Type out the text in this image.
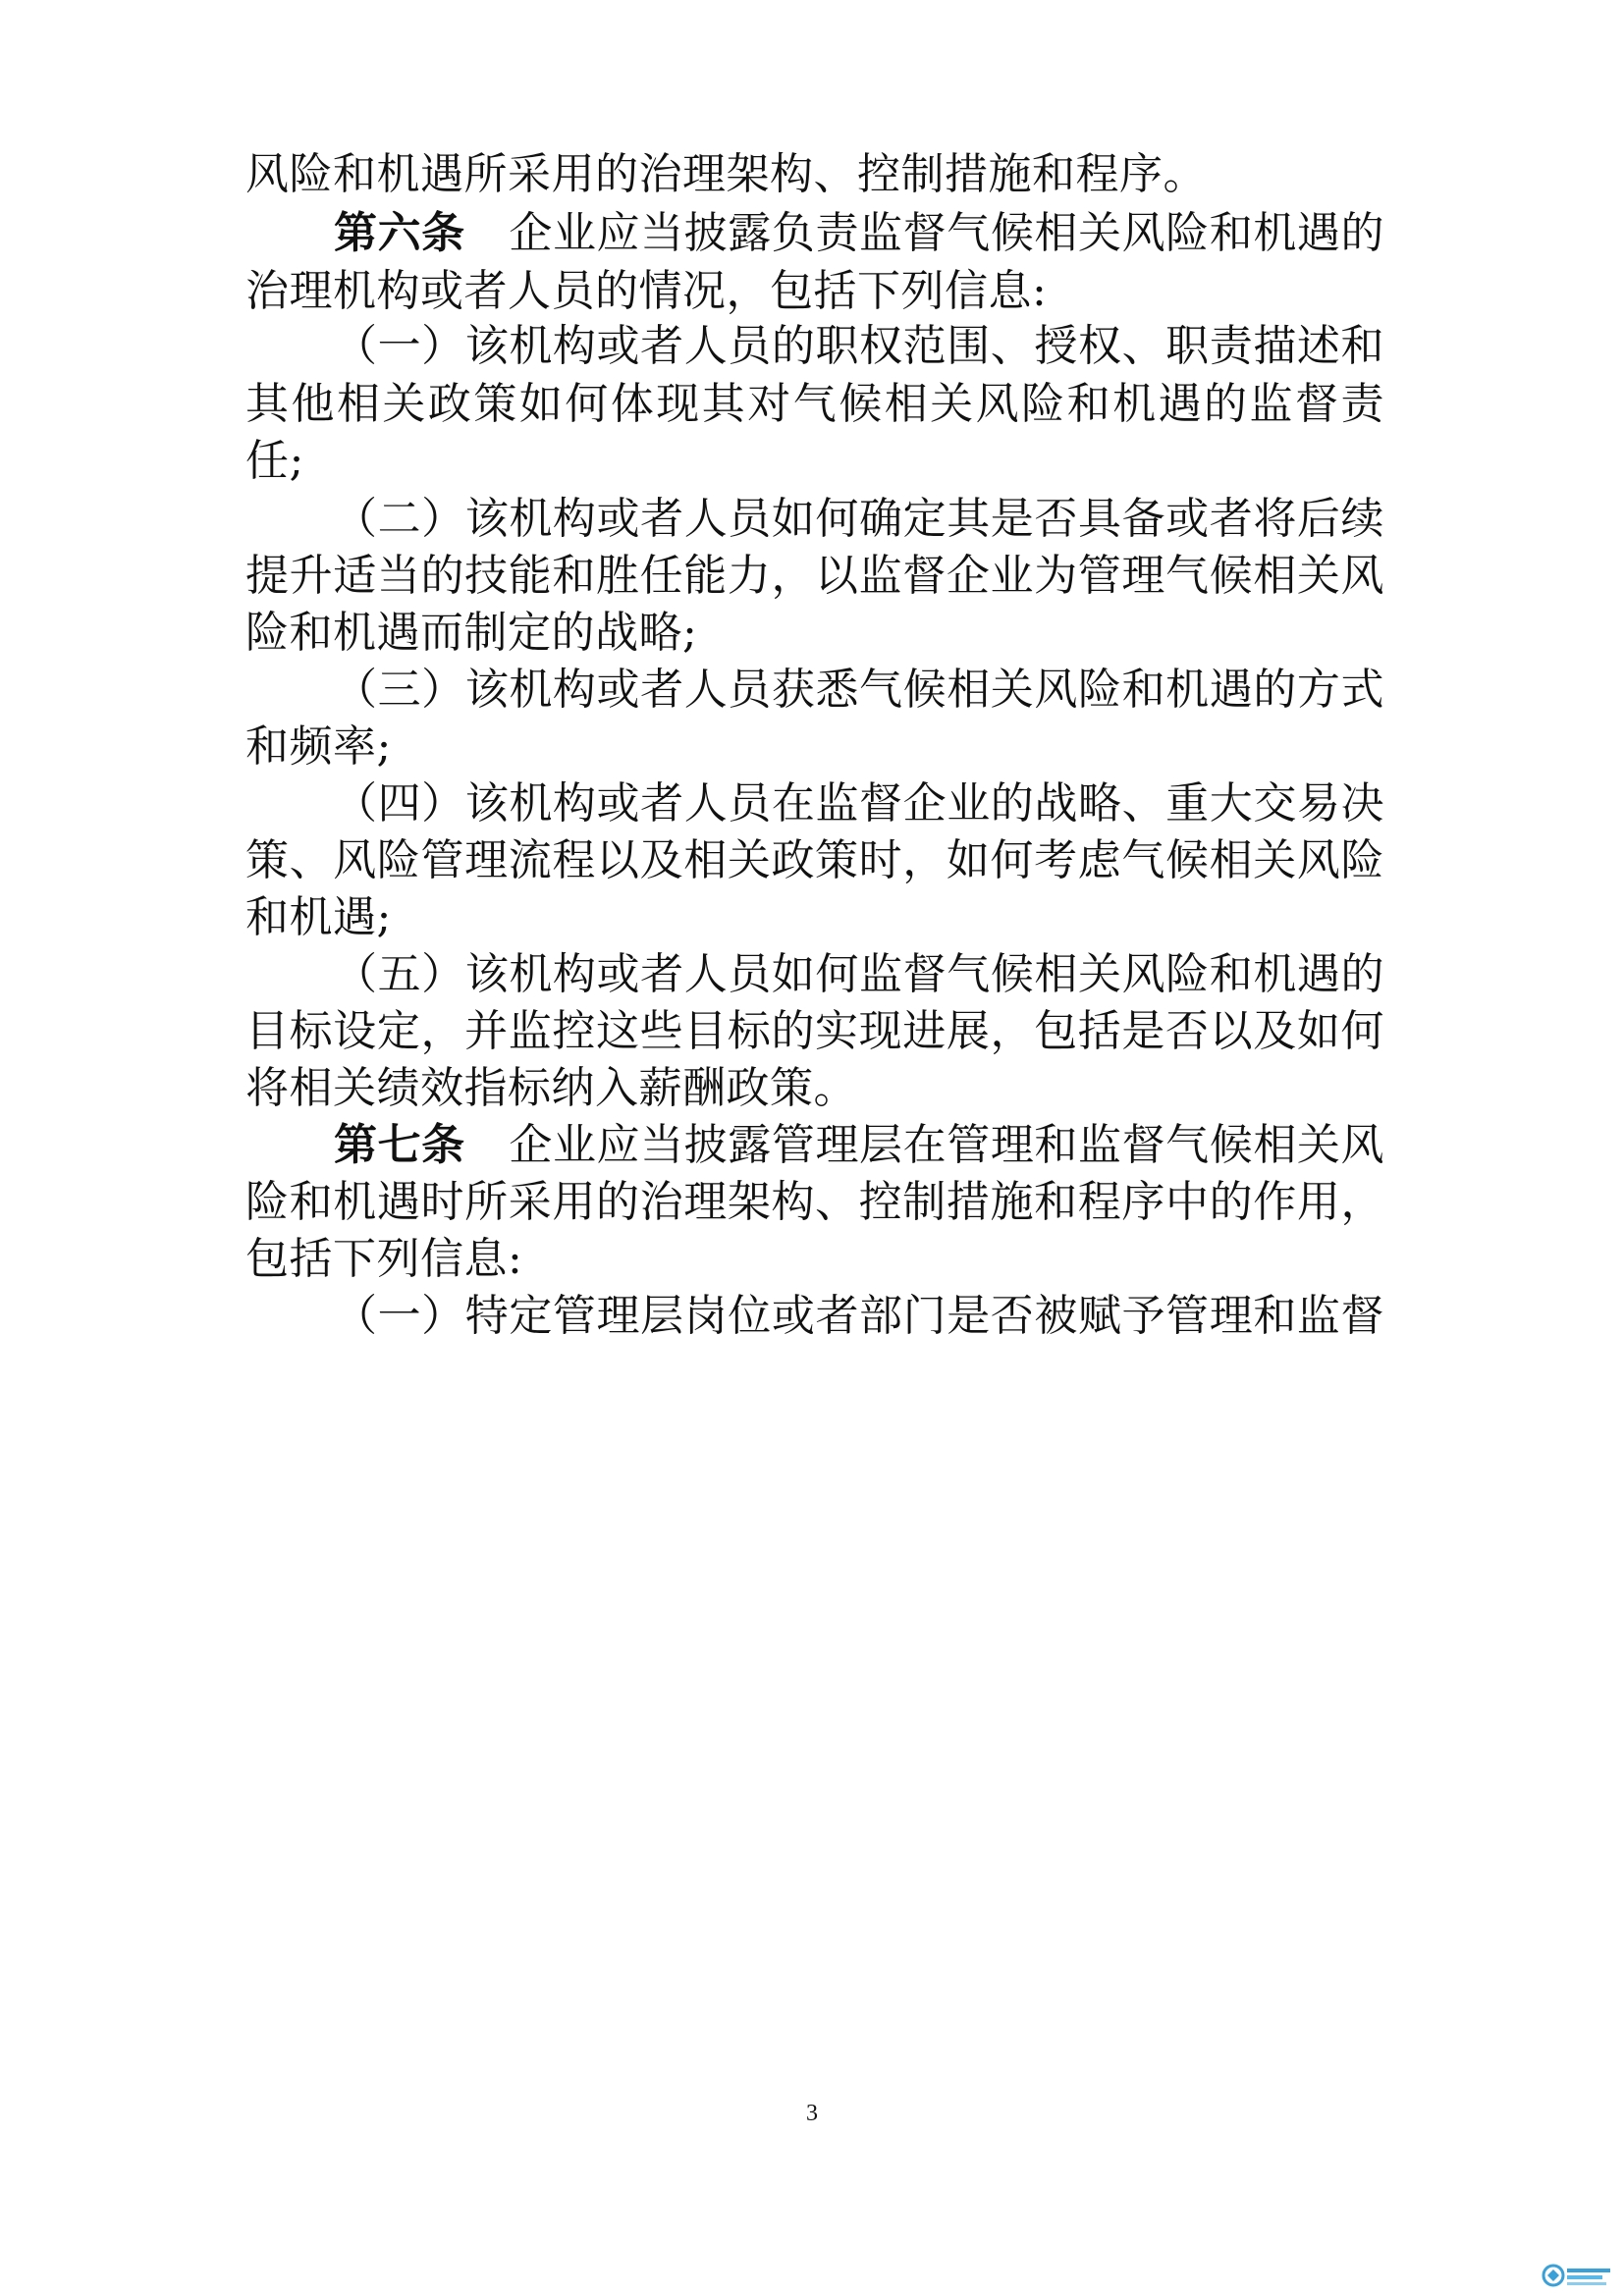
风险和机遇所采用的治理架构、控制措施和程序。
第六条　 企业应当披露负责监督气候相关风险和机遇的
治理机构或者人员的情况，包括下列信息:
（一）该机构或者人员的职权范围、授权、职责描述和
其他相关政策如何体现其对气候相关风险和机遇的监督责
任;
（二）该机构或者人员如何确定其是否具备或者将后续
提升适当的技能和胜任能力，以监督企业为管理气候相关风
险和机遇而制定的战略;
（三）该机构或者人员获悉气候相关风险和机遇的方式
和频率;
（四）该机构或者人员在监督企业的战略、重大交易决
策、风险管理流程以及相关政策时，如何考虑气候相关风险
和机遇;
（五）该机构或者人员如何监督气候相关风险和机遇的
目标设定，并监控这些目标的实现进展，包括是否以及如何
将相关绩效指标纳入薪酬政策。
第七条　 企业应当披露管理层在管理和监督气候相关风
险和机遇时所采用的治理架构、控制措施和程序中的作用，
包括下列信息:
（一）特定管理层岗位或者部门是否被赋予管理和监督
3
